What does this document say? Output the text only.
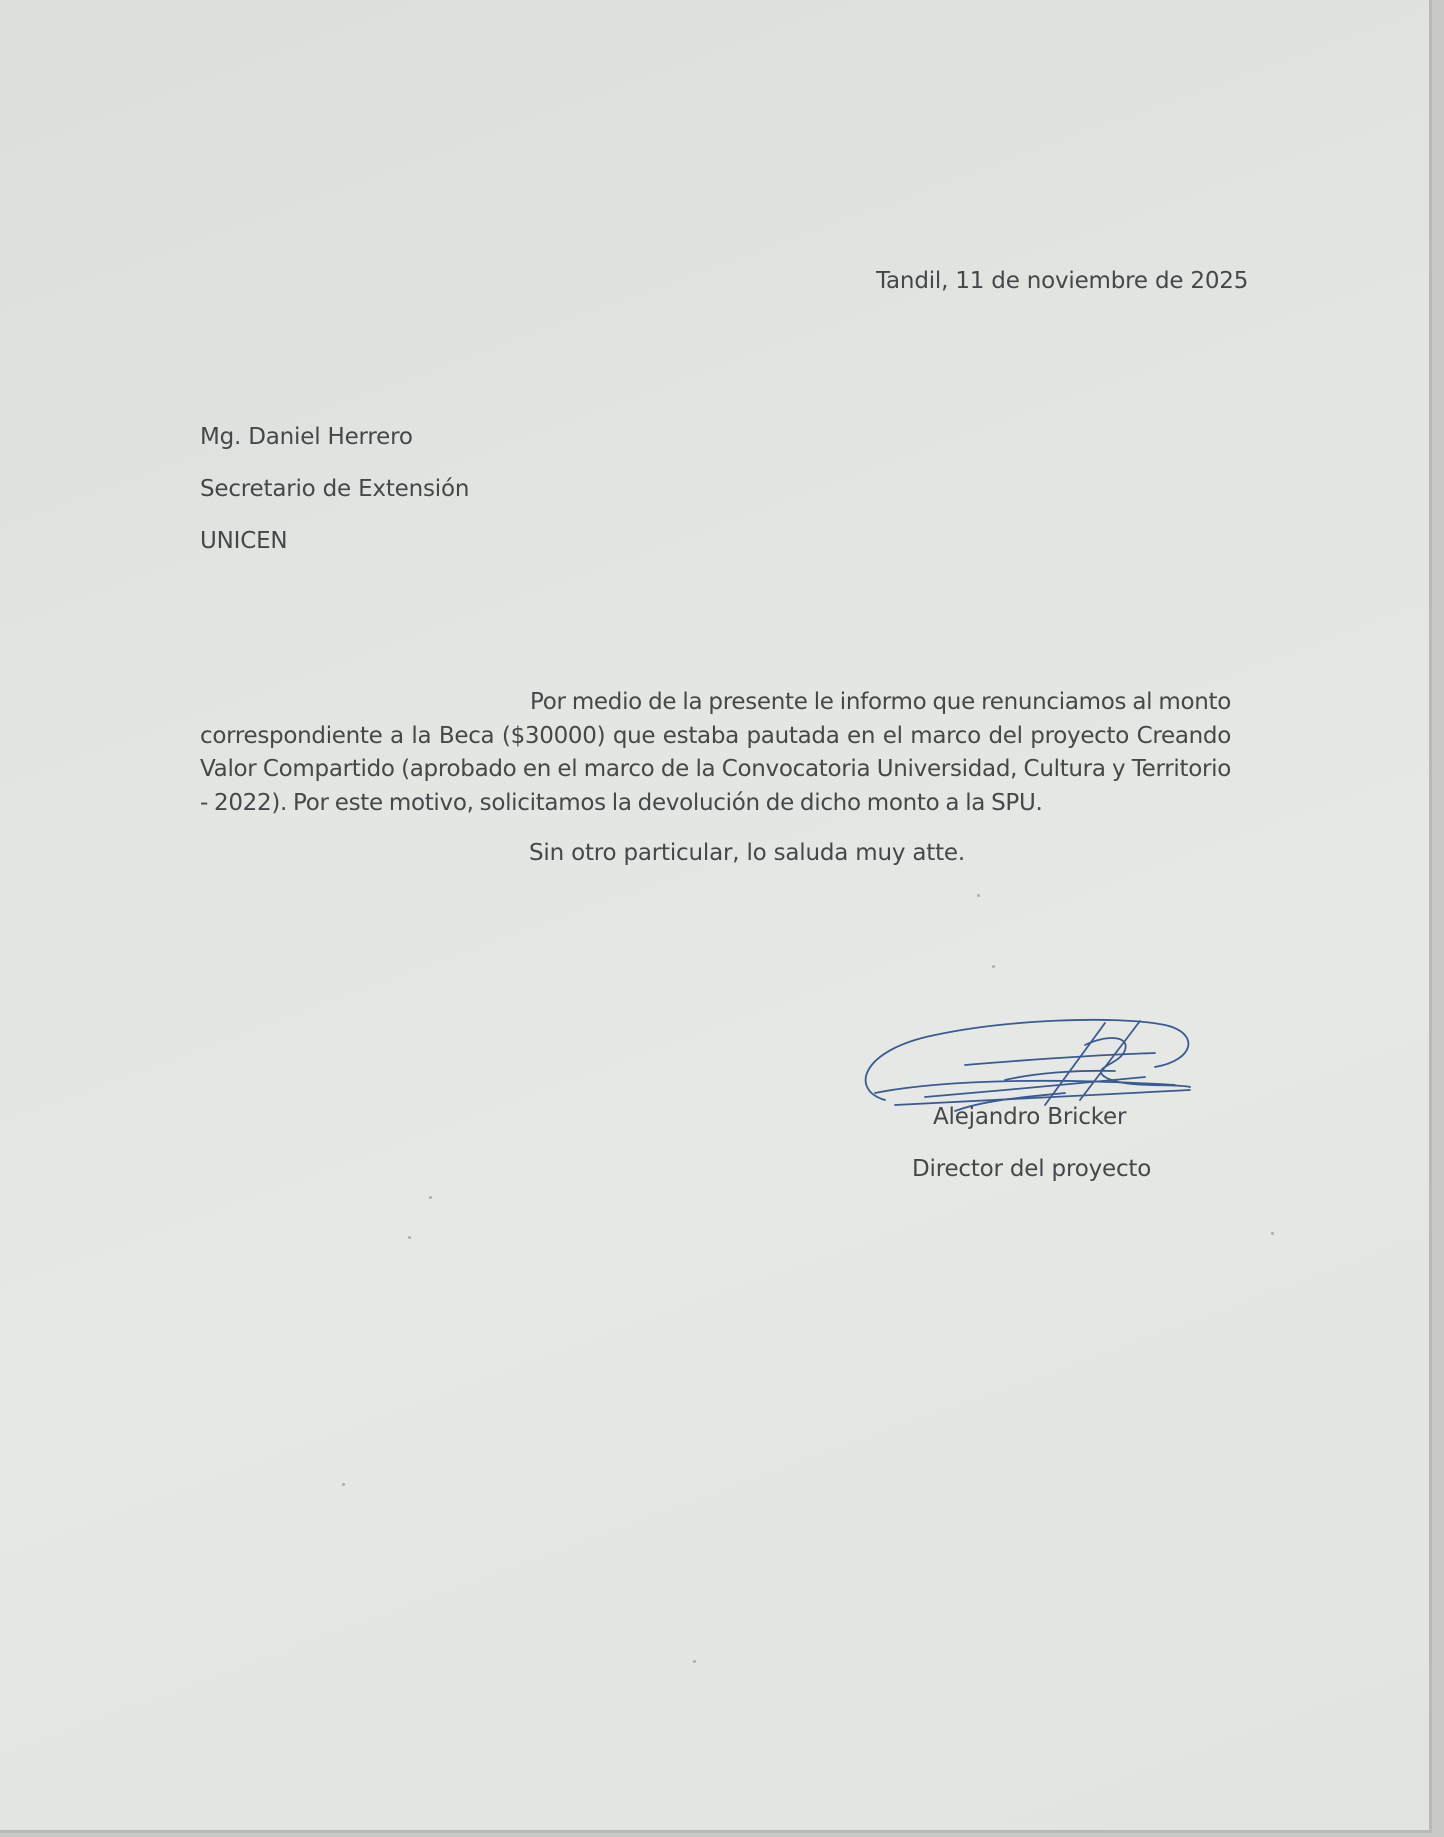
Tandil, 11 de noviembre de 2025
Mg. Daniel Herrero
Secretario de Extensión
UNICEN
Por medio de la presente le informo que renunciamos al monto correspondiente a la Beca ($30000) que estaba pautada en el marco del proyecto Creando Valor Compartido (aprobado en el marco de la Convocatoria Universidad, Cultura y Territorio - 2022). Por este motivo, solicitamos la devolución de dicho monto a la SPU.
Sin otro particular, lo saluda muy atte.
Alejandro Bricker
Director del proyecto
